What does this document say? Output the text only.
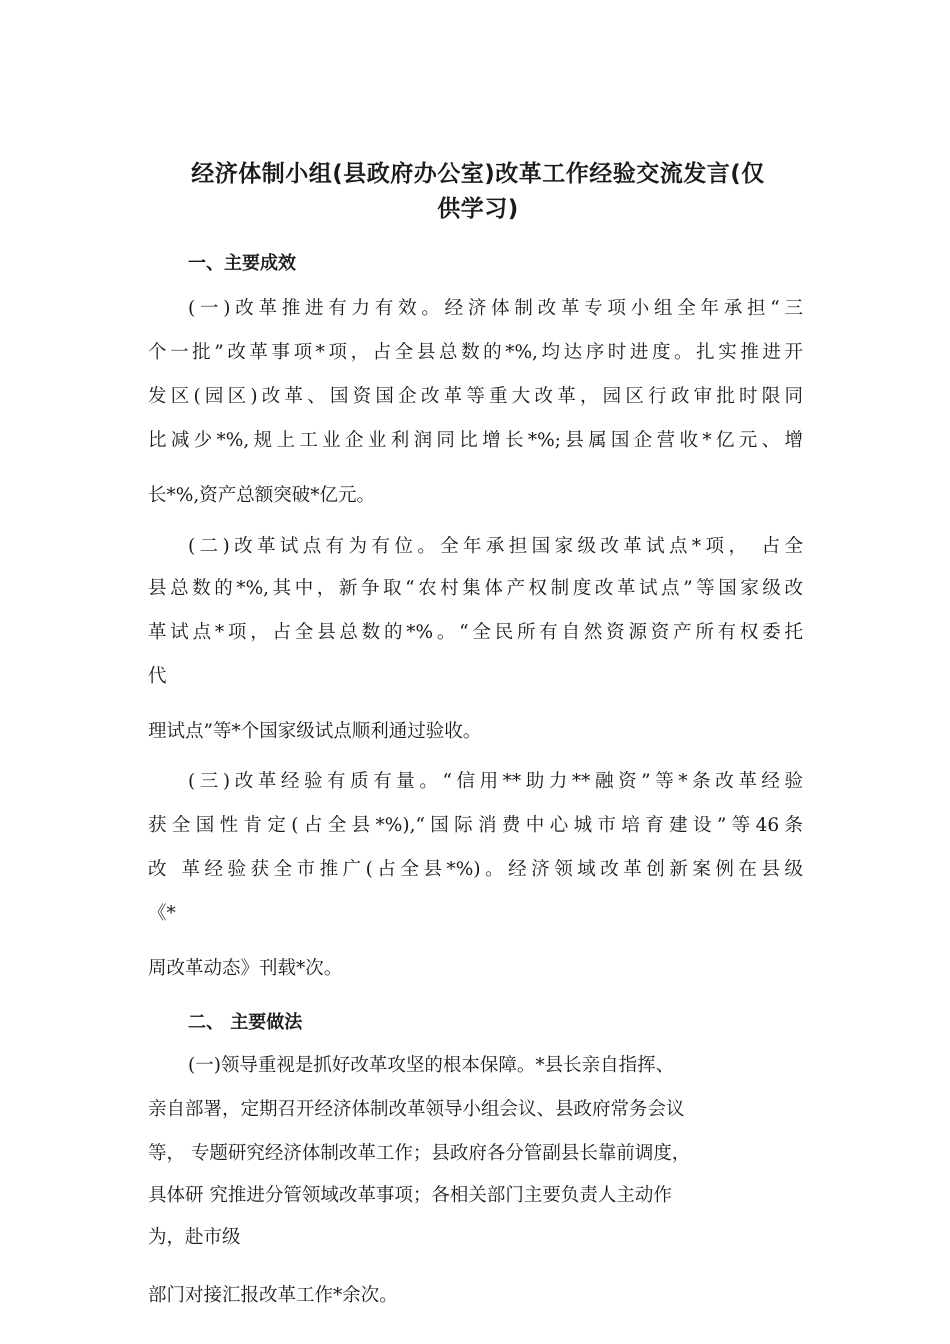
经济体制小组(县政府办公室)改革工作经验交流发言(仅
供学习)
一、主要成效
(一)改革推进有力有效。经济体制改革专项小组全年承担“三
个一批”改革事项*项，占全县总数的*%,均达序时进度。扎实推进开
发区(园区)改革、国资国企改革等重大改革，园区行政审批时限同
比减少*%,规上工业企业利润同比增长*%;县属国企营收*亿元、增
长*%,资产总额突破*亿元。
(二)改革试点有为有位。全年承担国家级改革试点*项， 占全
县总数的*%,其中，新争取“农村集体产权制度改革试点”等国家级改
革试点*项，占全县总数的*%。“全民所有自然资源资产所有权委托
代
理试点”等*个国家级试点顺利通过验收。
(三)改革经验有质有量。“信用**助力**融资”等*条改革经验
获全国性肯定(占全县*%),“国际消费中心城市培育建设”等46条
改 革经验获全市推广(占全县*%)。经济领域改革创新案例在县级
《*
周改革动态》刊载*次。
二、 主要做法
(一)领导重视是抓好改革攻坚的根本保障。*县长亲自指挥、
亲自部署，定期召开经济体制改革领导小组会议、县政府常务会议
等， 专题研究经济体制改革工作；县政府各分管副县长靠前调度，
具体研 究推进分管领域改革事项；各相关部门主要负责人主动作
为，赴市级
部门对接汇报改革工作*余次。
